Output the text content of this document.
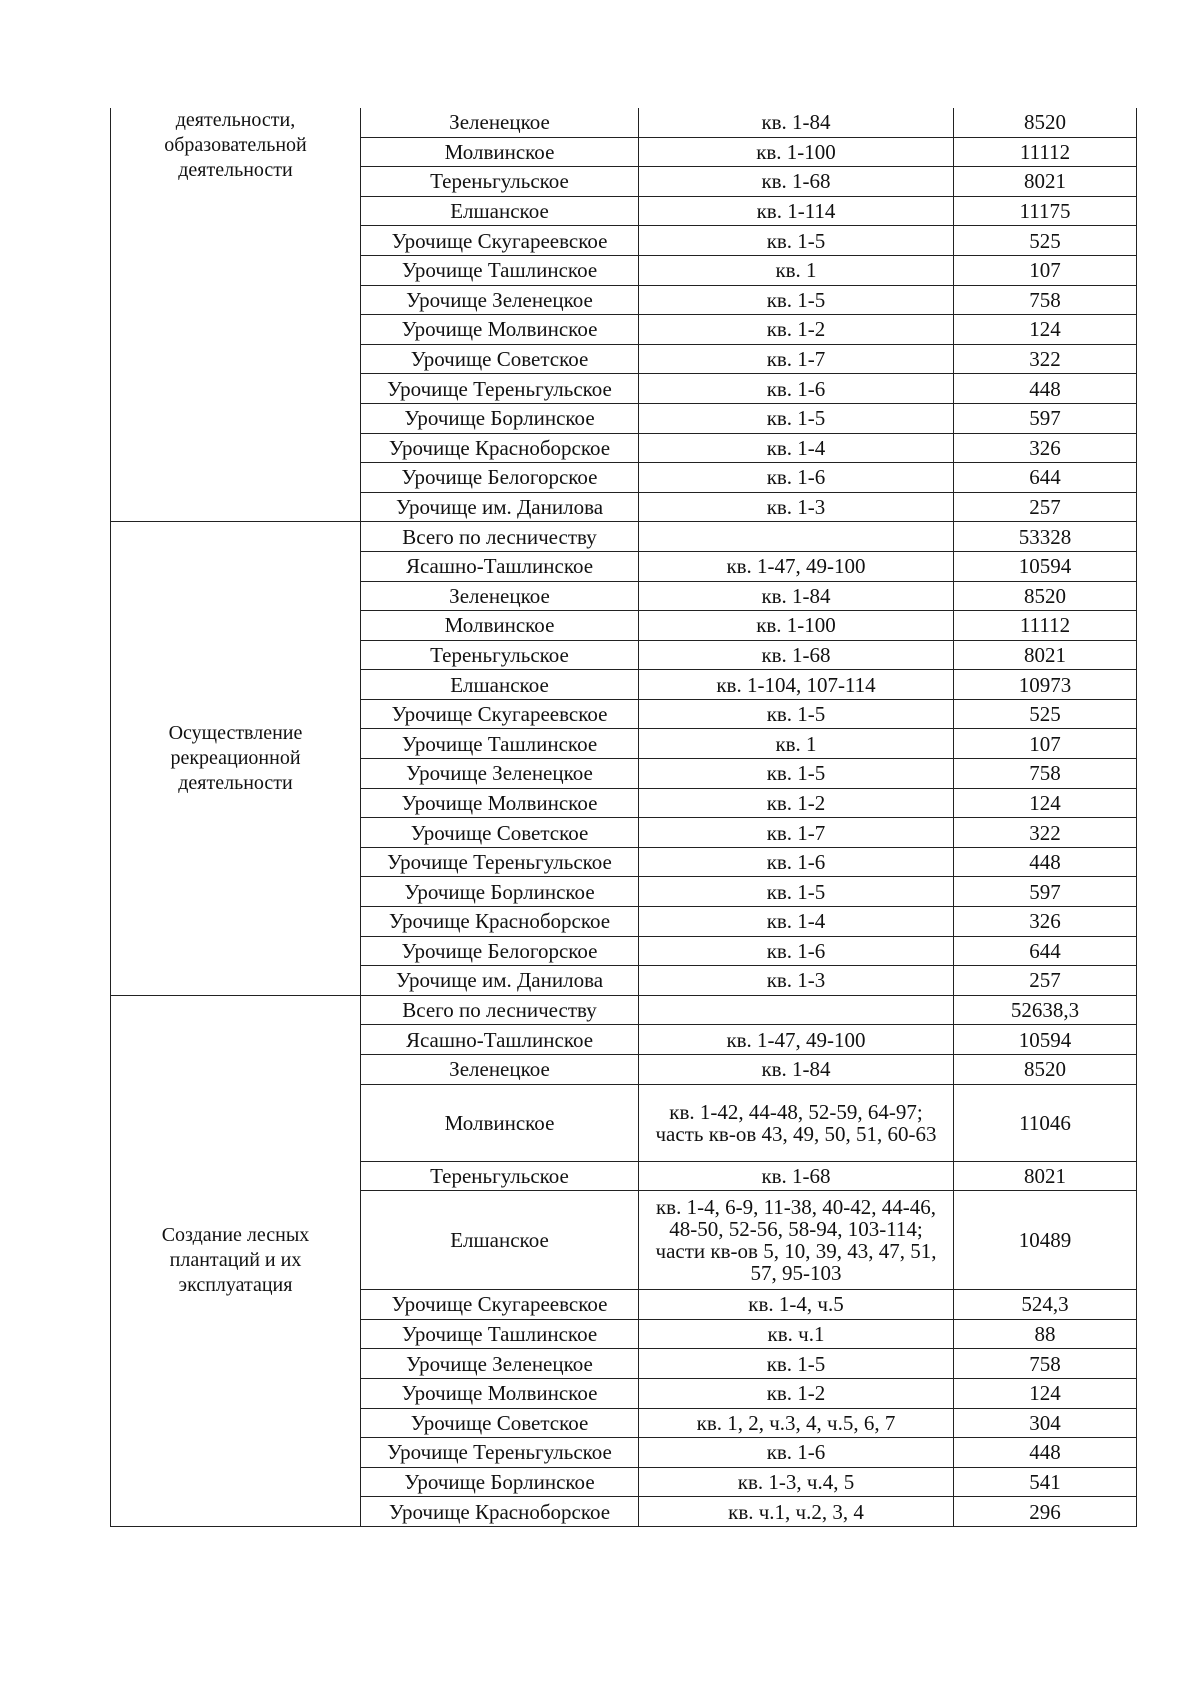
деятельности, образовательной деятельности	Зеленецкое	кв. 1-84	8520
	Молвинское	кв. 1-100	11112
	Тереньгульское	кв. 1-68	8021
	Елшанское	кв. 1-114	11175
	Урочище Скугареевское	кв. 1-5	525
	Урочище Ташлинское	кв. 1	107
	Урочище Зеленецкое	кв. 1-5	758
	Урочище Молвинское	кв. 1-2	124
	Урочище Советское	кв. 1-7	322
	Урочище Тереньгульское	кв. 1-6	448
	Урочище Борлинское	кв. 1-5	597
	Урочище Красноборское	кв. 1-4	326
	Урочище Белогорское	кв. 1-6	644
	Урочище им. Данилова	кв. 1-3	257
Осуществление рекреационной деятельности	Всего по лесничеству		53328
	Ясашно-Ташлинское	кв. 1-47, 49-100	10594
	Зеленецкое	кв. 1-84	8520
	Молвинское	кв. 1-100	11112
	Тереньгульское	кв. 1-68	8021
	Елшанское	кв. 1-104, 107-114	10973
	Урочище Скугареевское	кв. 1-5	525
	Урочище Ташлинское	кв. 1	107
	Урочище Зеленецкое	кв. 1-5	758
	Урочище Молвинское	кв. 1-2	124
	Урочище Советское	кв. 1-7	322
	Урочище Тереньгульское	кв. 1-6	448
	Урочище Борлинское	кв. 1-5	597
	Урочище Красноборское	кв. 1-4	326
	Урочище Белогорское	кв. 1-6	644
	Урочище им. Данилова	кв. 1-3	257
Создание лесных плантаций и их эксплуатация	Всего по лесничеству		52638,3
	Ясашно-Ташлинское	кв. 1-47, 49-100	10594
	Зеленецкое	кв. 1-84	8520
	Молвинское	кв. 1-42, 44-48, 52-59, 64-97; часть кв-ов 43, 49, 50, 51, 60-63	11046
	Тереньгульское	кв. 1-68	8021
	Елшанское	кв. 1-4, 6-9, 11-38, 40-42, 44-46, 48-50, 52-56, 58-94, 103-114; части кв-ов 5, 10, 39, 43, 47, 51, 57, 95-103	10489
	Урочище Скугареевское	кв. 1-4, ч.5	524,3
	Урочище Ташлинское	кв. ч.1	88
	Урочище Зеленецкое	кв. 1-5	758
	Урочище Молвинское	кв. 1-2	124
	Урочище Советское	кв. 1, 2, ч.3, 4, ч.5, 6, 7	304
	Урочище Тереньгульское	кв. 1-6	448
	Урочище Борлинское	кв. 1-3, ч.4, 5	541
	Урочище Красноборское	кв. ч.1, ч.2, 3, 4	296
